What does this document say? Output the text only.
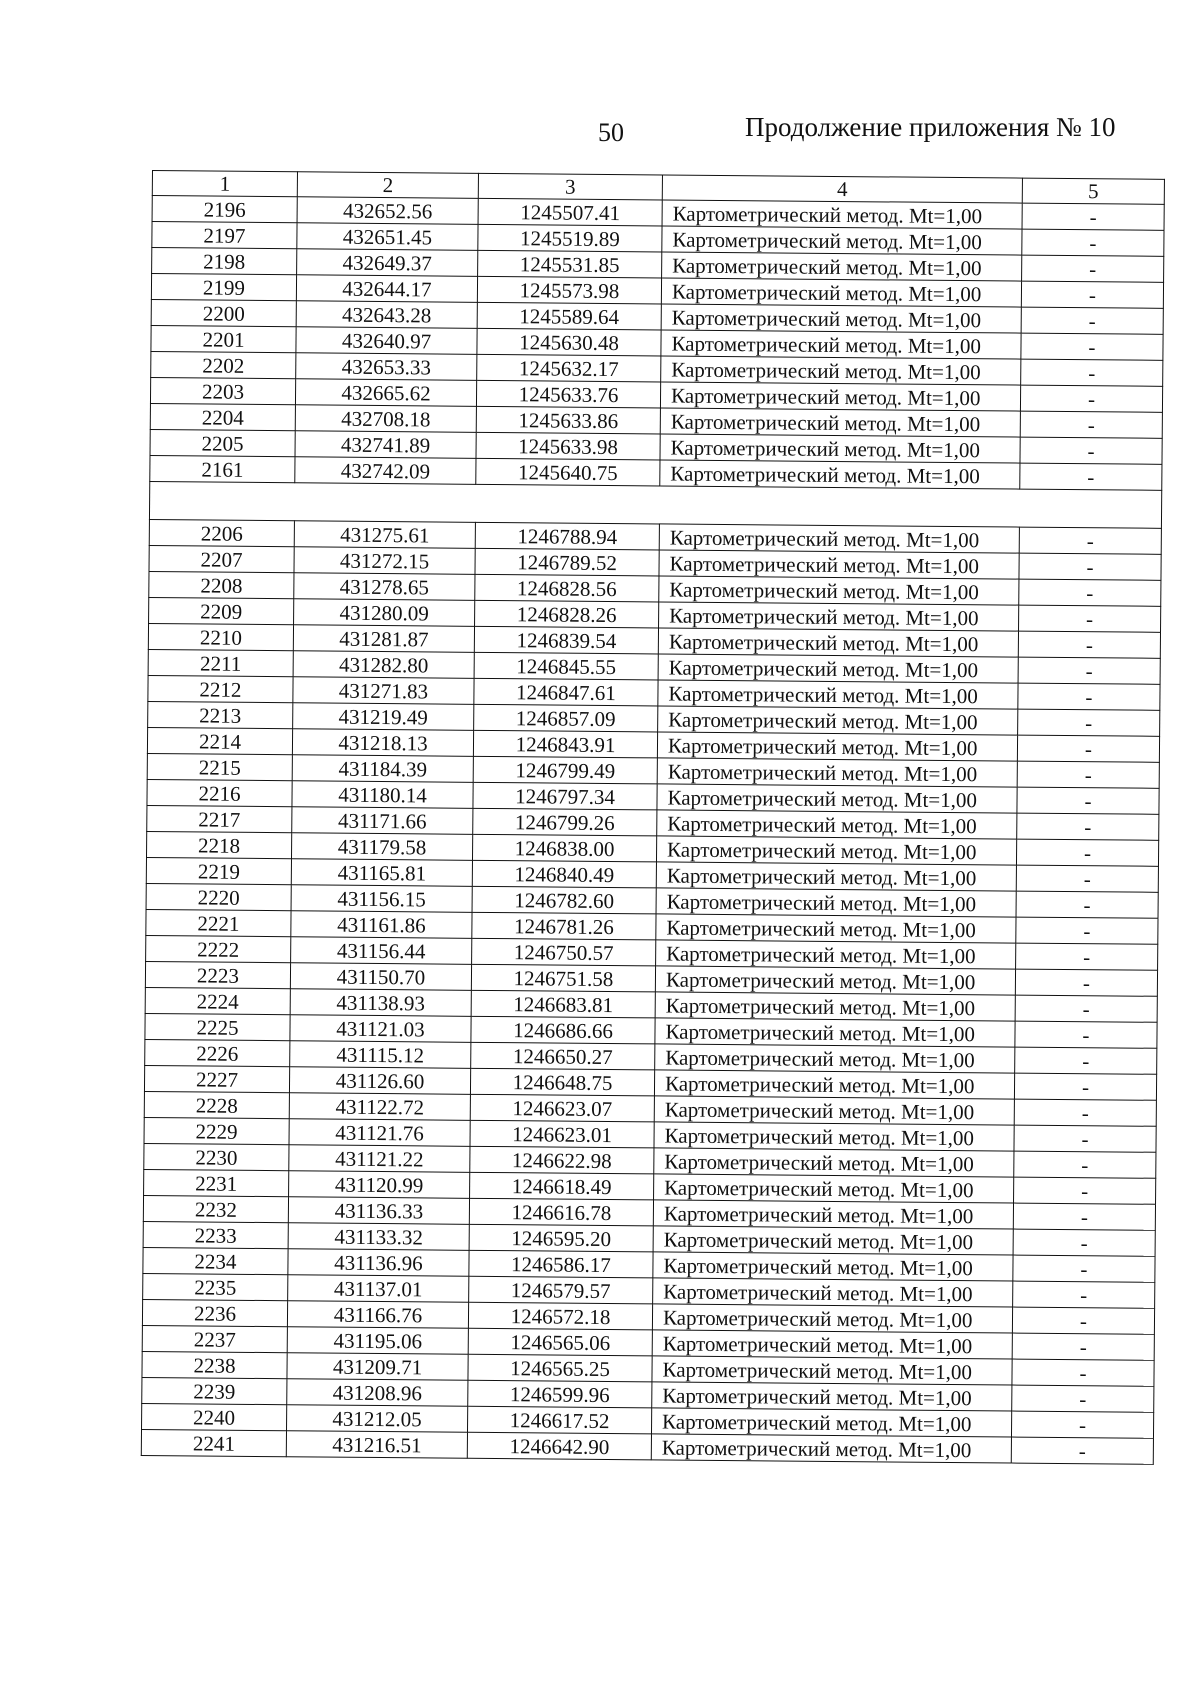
50	Продолжение приложения № 10
1	2	3	4	5
2196	432652.56	1245507.41	Картометрический метод. Mt=1,00	-
2197	432651.45	1245519.89	Картометрический метод. Mt=1,00	-
2198	432649.37	1245531.85	Картометрический метод. Mt=1,00	-
2199	432644.17	1245573.98	Картометрический метод. Mt=1,00	-
2200	432643.28	1245589.64	Картометрический метод. Mt=1,00	-
2201	432640.97	1245630.48	Картометрический метод. Mt=1,00	-
2202	432653.33	1245632.17	Картометрический метод. Mt=1,00	-
2203	432665.62	1245633.76	Картометрический метод. Mt=1,00	-
2204	432708.18	1245633.86	Картометрический метод. Mt=1,00	-
2205	432741.89	1245633.98	Картометрический метод. Mt=1,00	-
2161	432742.09	1245640.75	Картометрический метод. Mt=1,00	-

2206	431275.61	1246788.94	Картометрический метод. Mt=1,00	-
2207	431272.15	1246789.52	Картометрический метод. Mt=1,00	-
2208	431278.65	1246828.56	Картометрический метод. Mt=1,00	-
2209	431280.09	1246828.26	Картометрический метод. Mt=1,00	-
2210	431281.87	1246839.54	Картометрический метод. Mt=1,00	-
2211	431282.80	1246845.55	Картометрический метод. Mt=1,00	-
2212	431271.83	1246847.61	Картометрический метод. Mt=1,00	-
2213	431219.49	1246857.09	Картометрический метод. Mt=1,00	-
2214	431218.13	1246843.91	Картометрический метод. Mt=1,00	-
2215	431184.39	1246799.49	Картометрический метод. Mt=1,00	-
2216	431180.14	1246797.34	Картометрический метод. Mt=1,00	-
2217	431171.66	1246799.26	Картометрический метод. Mt=1,00	-
2218	431179.58	1246838.00	Картометрический метод. Mt=1,00	-
2219	431165.81	1246840.49	Картометрический метод. Mt=1,00	-
2220	431156.15	1246782.60	Картометрический метод. Mt=1,00	-
2221	431161.86	1246781.26	Картометрический метод. Mt=1,00	-
2222	431156.44	1246750.57	Картометрический метод. Mt=1,00	-
2223	431150.70	1246751.58	Картометрический метод. Mt=1,00	-
2224	431138.93	1246683.81	Картометрический метод. Mt=1,00	-
2225	431121.03	1246686.66	Картометрический метод. Mt=1,00	-
2226	431115.12	1246650.27	Картометрический метод. Mt=1,00	-
2227	431126.60	1246648.75	Картометрический метод. Mt=1,00	-
2228	431122.72	1246623.07	Картометрический метод. Mt=1,00	-
2229	431121.76	1246623.01	Картометрический метод. Mt=1,00	-
2230	431121.22	1246622.98	Картометрический метод. Mt=1,00	-
2231	431120.99	1246618.49	Картометрический метод. Mt=1,00	-
2232	431136.33	1246616.78	Картометрический метод. Mt=1,00	-
2233	431133.32	1246595.20	Картометрический метод. Mt=1,00	-
2234	431136.96	1246586.17	Картометрический метод. Mt=1,00	-
2235	431137.01	1246579.57	Картометрический метод. Mt=1,00	-
2236	431166.76	1246572.18	Картометрический метод. Mt=1,00	-
2237	431195.06	1246565.06	Картометрический метод. Mt=1,00	-
2238	431209.71	1246565.25	Картометрический метод. Mt=1,00	-
2239	431208.96	1246599.96	Картометрический метод. Mt=1,00	-
2240	431212.05	1246617.52	Картометрический метод. Mt=1,00	-
2241	431216.51	1246642.90	Картометрический метод. Mt=1,00	-
